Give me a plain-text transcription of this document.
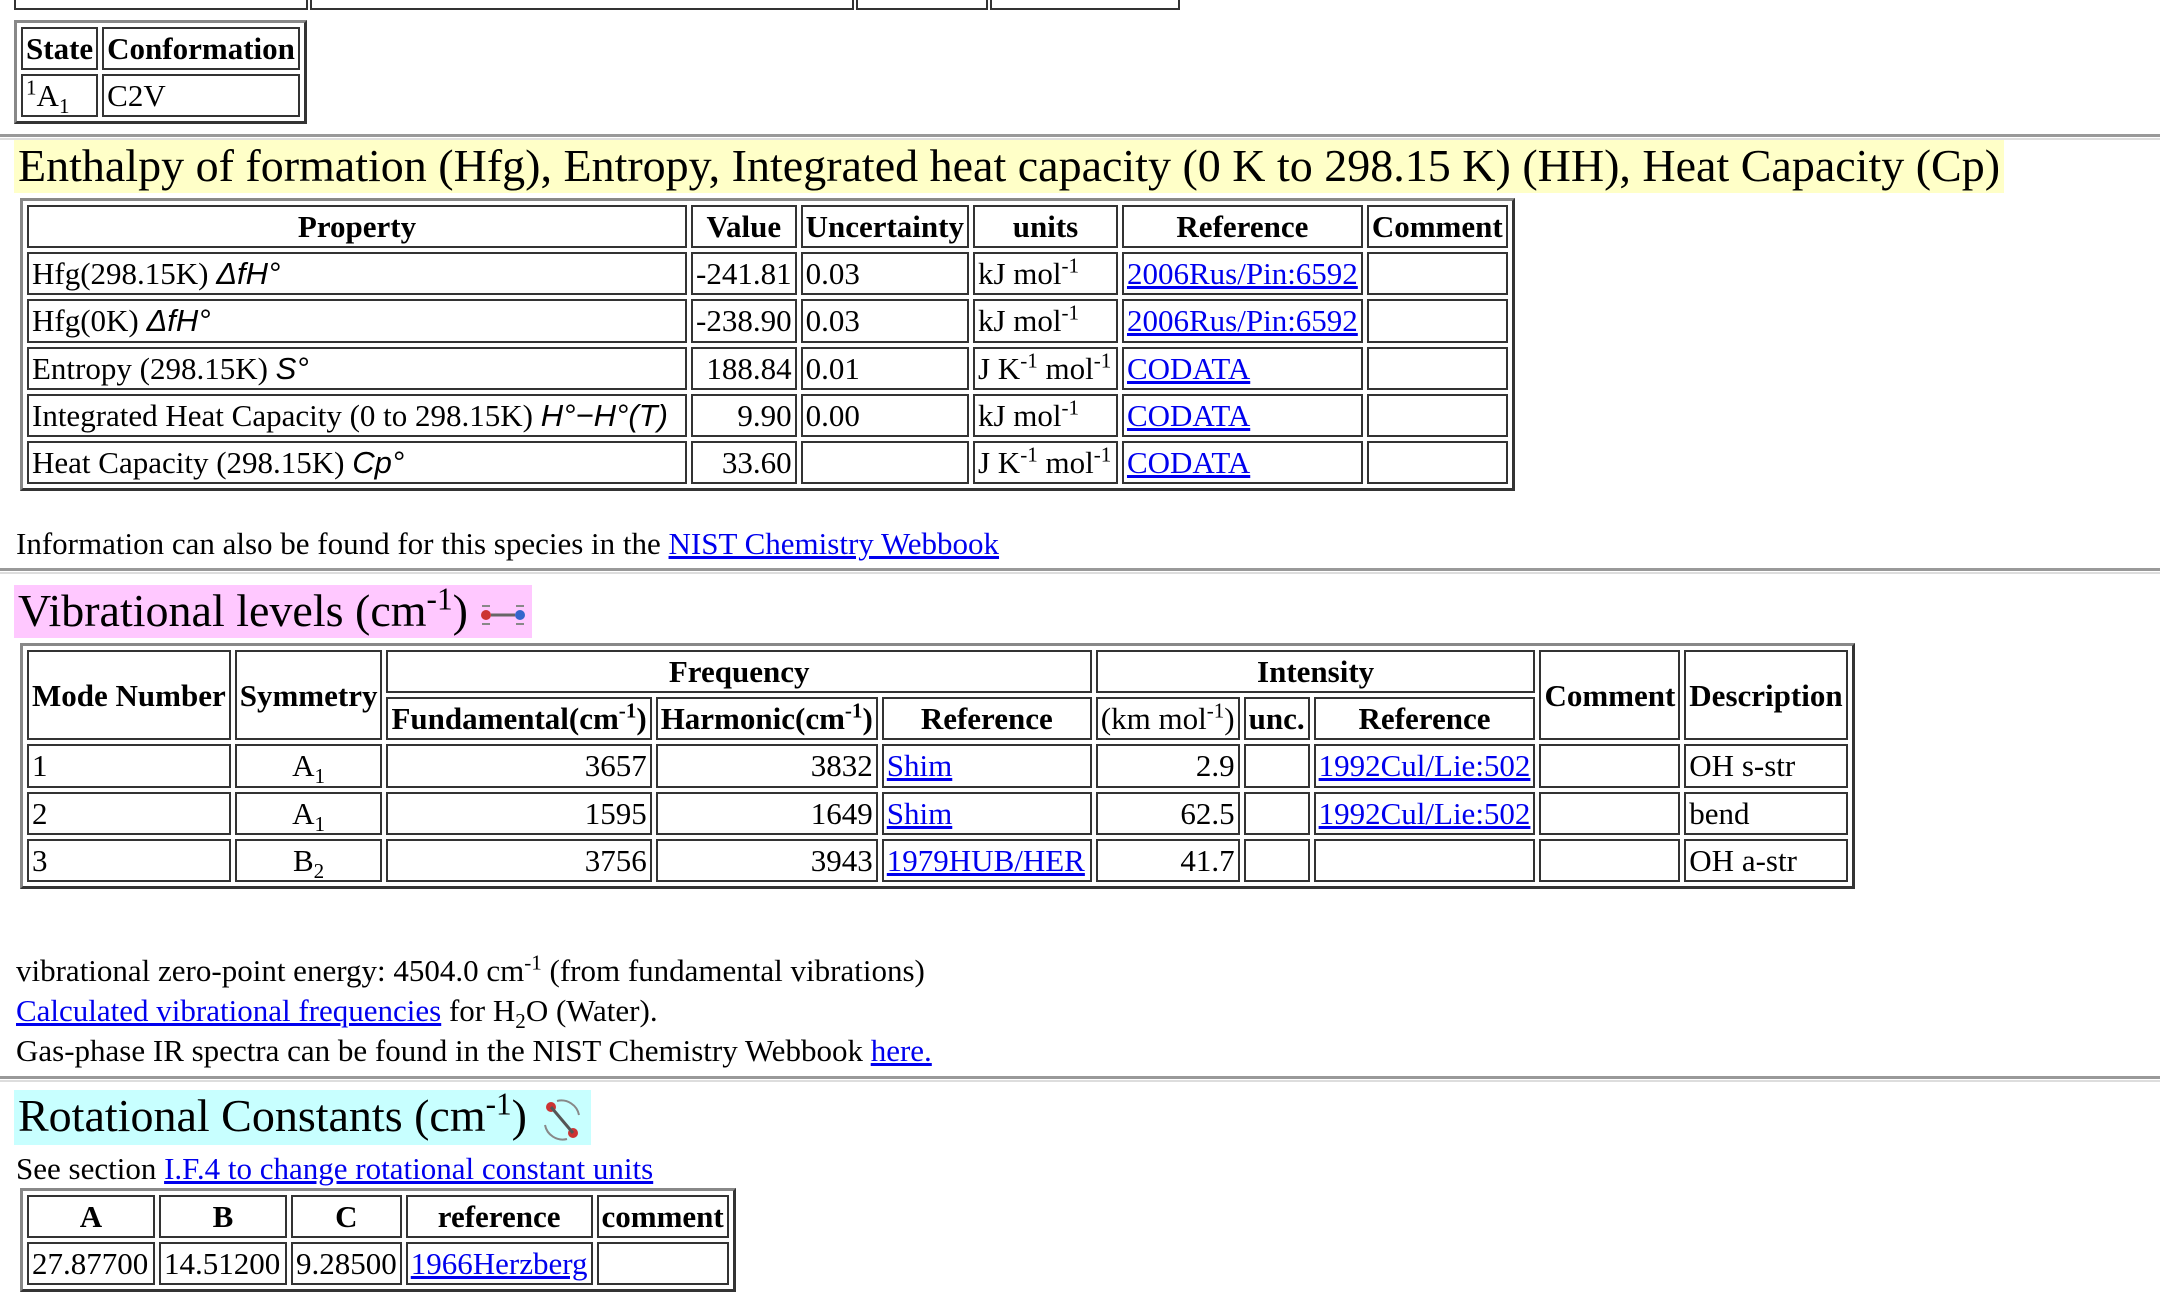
State	Conformation
$^1A_1$	C2V
Enthalpy of formation (Hfg), Entropy, Integrated heat capacity (0 K to 298.15 K) (HH), Heat Capacity (Cp)
Property	Value	Uncertainty	units	Reference	Comment
Hfg(298.15K) ΔfH°	-241.81	0.03	kJ mol$^{-1}$	2006Rus/Pin:6592	
Hfg(0K) ΔfH°	-238.90	0.03	kJ mol$^{-1}$	2006Rus/Pin:6592	
Entropy (298.15K) S°	188.84	0.01	J $K^{-1}$ mol$^{-1}$	CODATA	
Integrated Heat Capacity (0 to 298.15K) H°−H°(T)	9.90	0.00	kJ mol$^{-1}$	CODATA	
Heat Capacity (298.15K) Cp°	33.60		J $K^{-1}$ mol$^{-1}$	CODATA	
Information can also be found for this species in the NIST Chemistry Webbook
Vibrational levels $(cm^{-1})$
Mode Number	Symmetry	Frequency			Intensity			Comment	Description
		$Fundamental(cm^{-1})$	$Harmonic(cm^{-1})$	Reference	(km mol$^{-1}$)	unc.	Reference		
1	$A_1$	3657	3832	Shim	2.9		1992Cul/Lie:502		OH s-str
2	$A_1$	1595	1649	Shim	62.5		1992Cul/Lie:502		bend
3	$B_2$	3756	3943	1979HUB/HER	41.7				OH a-str
vibrational zero-point energy: 4504.0 $cm^{-1}$ (from fundamental vibrations)
Calculated vibrational frequencies for $H_2O$ (Water).
Gas-phase IR spectra can be found in the NIST Chemistry Webbook here.
Rotational Constants $(cm^{-1})$
See section I.F.4 to change rotational constant units
A	B	C	reference	comment
27.87700	14.51200	9.28500	1966Herzberg	
